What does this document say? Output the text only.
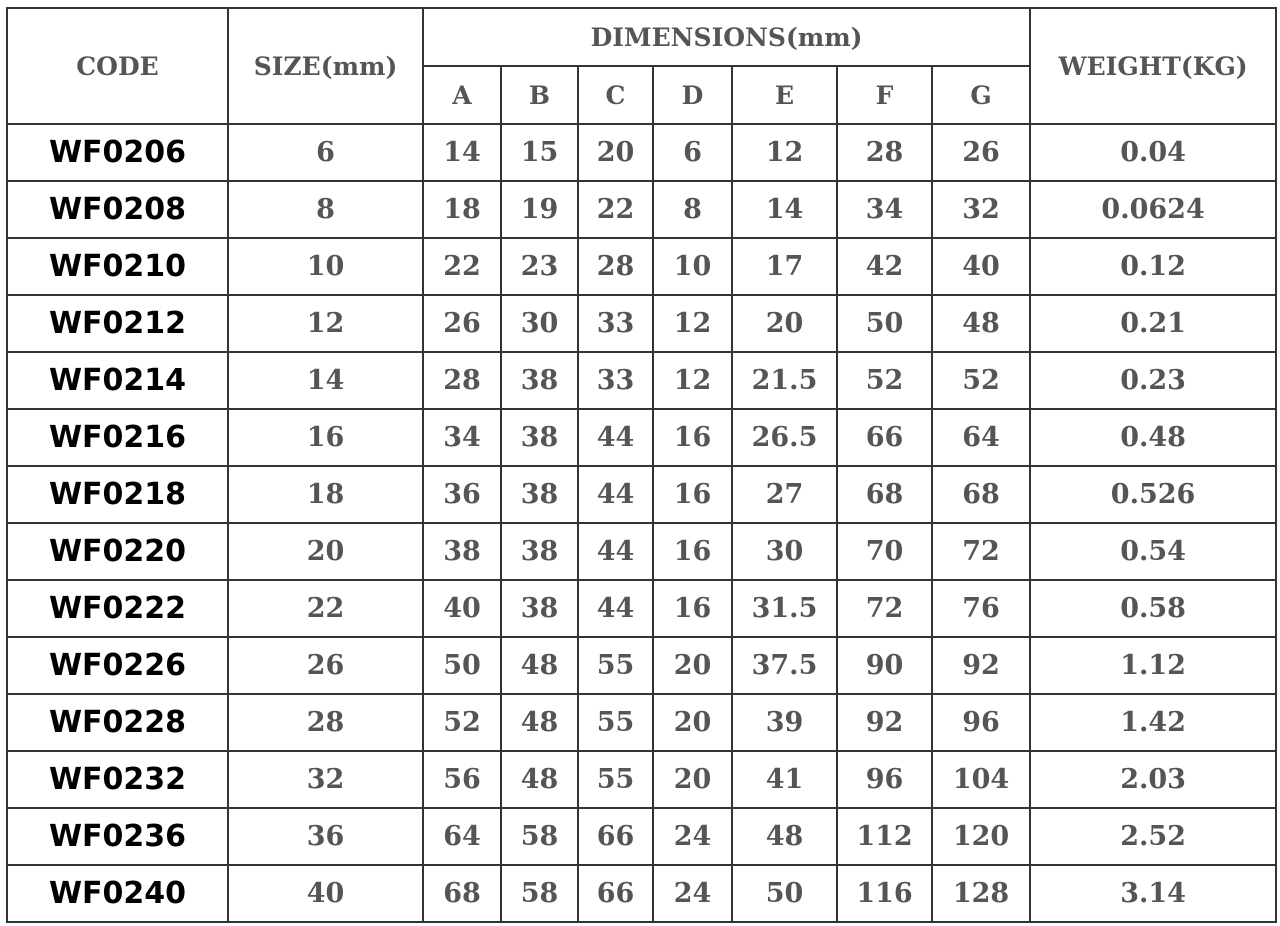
CODE	SIZE(mm)	DIMENSIONS(mm)							WEIGHT(KG)
		A	B	C	D	E	F	G	
WF0206	6	14	15	20	6	12	28	26	0.04
WF0208	8	18	19	22	8	14	34	32	0.0624
WF0210	10	22	23	28	10	17	42	40	0.12
WF0212	12	26	30	33	12	20	50	48	0.21
WF0214	14	28	38	33	12	21.5	52	52	0.23
WF0216	16	34	38	44	16	26.5	66	64	0.48
WF0218	18	36	38	44	16	27	68	68	0.526
WF0220	20	38	38	44	16	30	70	72	0.54
WF0222	22	40	38	44	16	31.5	72	76	0.58
WF0226	26	50	48	55	20	37.5	90	92	1.12
WF0228	28	52	48	55	20	39	92	96	1.42
WF0232	32	56	48	55	20	41	96	104	2.03
WF0236	36	64	58	66	24	48	112	120	2.52
WF0240	40	68	58	66	24	50	116	128	3.14
